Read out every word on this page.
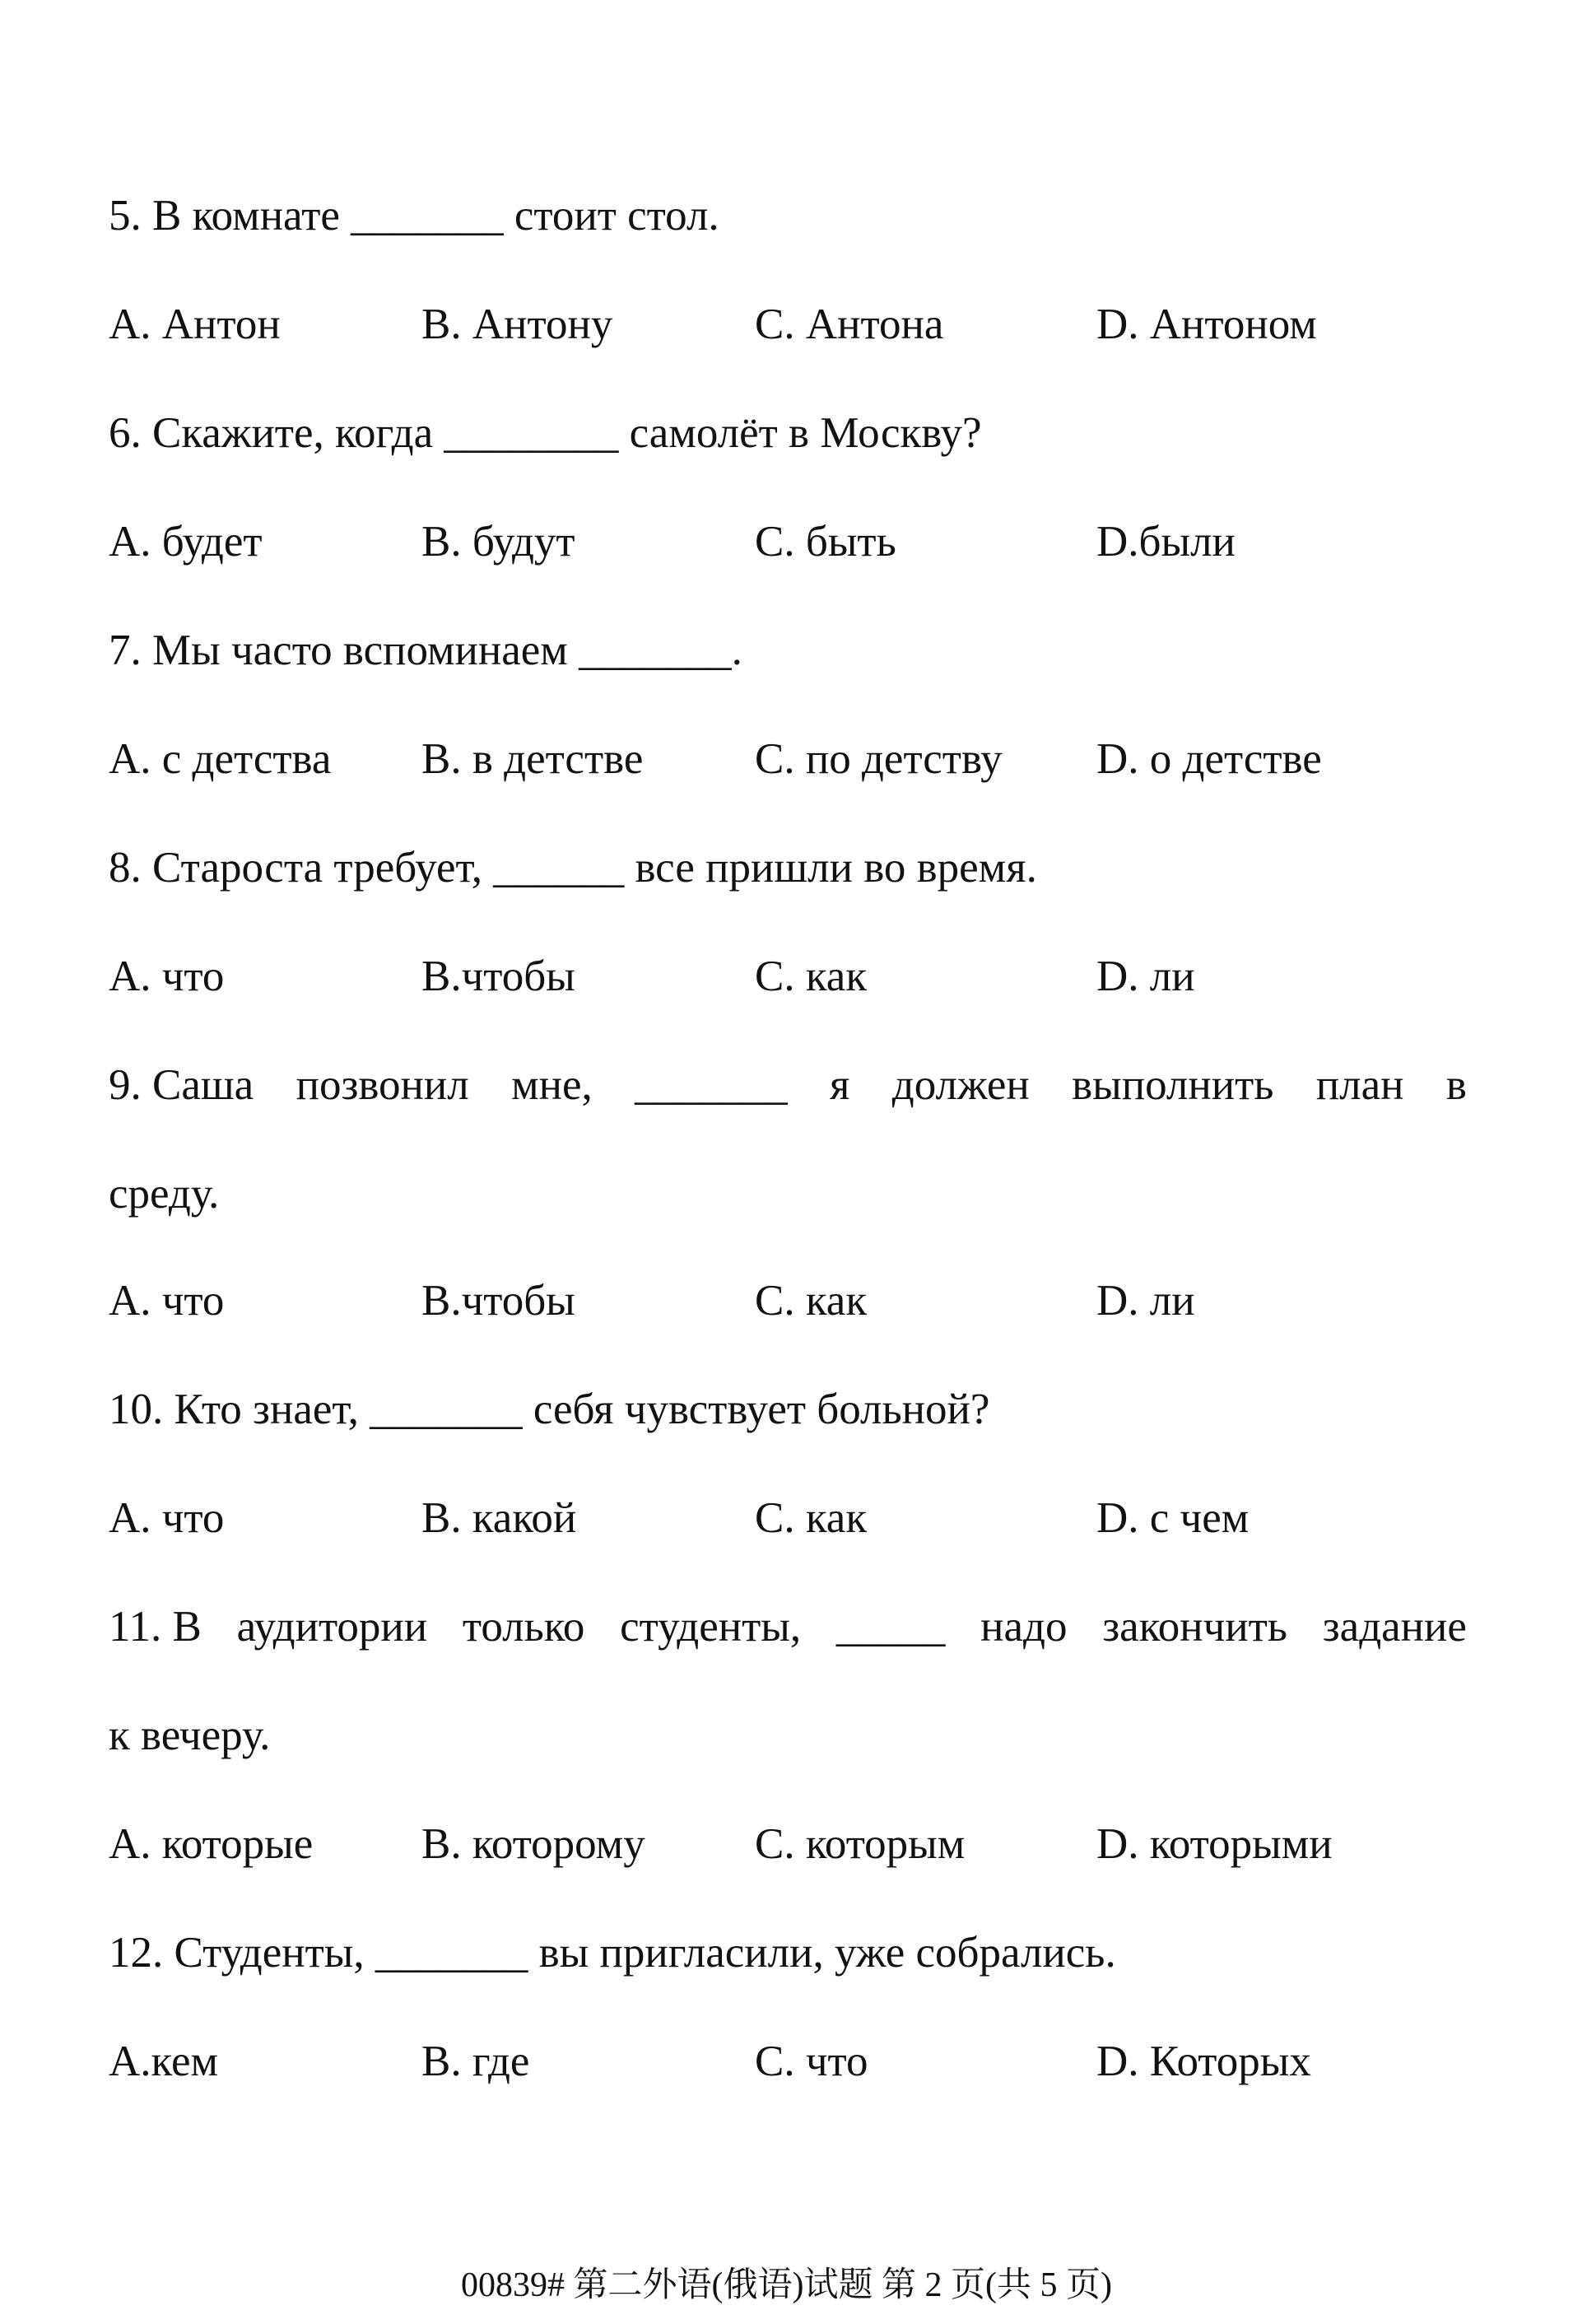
5. В комнате _______ стоит стол.
A. Антон	B. Антону	C. Антона	D. Антоном
6. Скажите, когда ________ самолёт в Москву?
A. будет	B. будут	C. быть	D.были
7. Мы часто вспоминаем _______.
A. с детства B. в детстве	C. по детству D. о детстве
8. Староста требует, ______ все пришли во время.
A. что	B.чтобы	C. как	D. ли
9. Саша позвонил мне, _______ я должен выполнить план в
среду.
A. что	B.чтобы	C. как	D. ли
10. Кто знает, _______ себя чувствует больной?
A. что	B. какой	C. как	D. с чем
11. В аудитории только студенты, _____ надо закончить задание
к вечеру.
A. которые B. которому	C. которым	D. которыми
12. Студенты, _______ вы пригласили, уже собрались.
A.кем	B. где	C. что	D. Которых
00839# 第二外语(俄语)试题 第 2 页(共 5 页)
